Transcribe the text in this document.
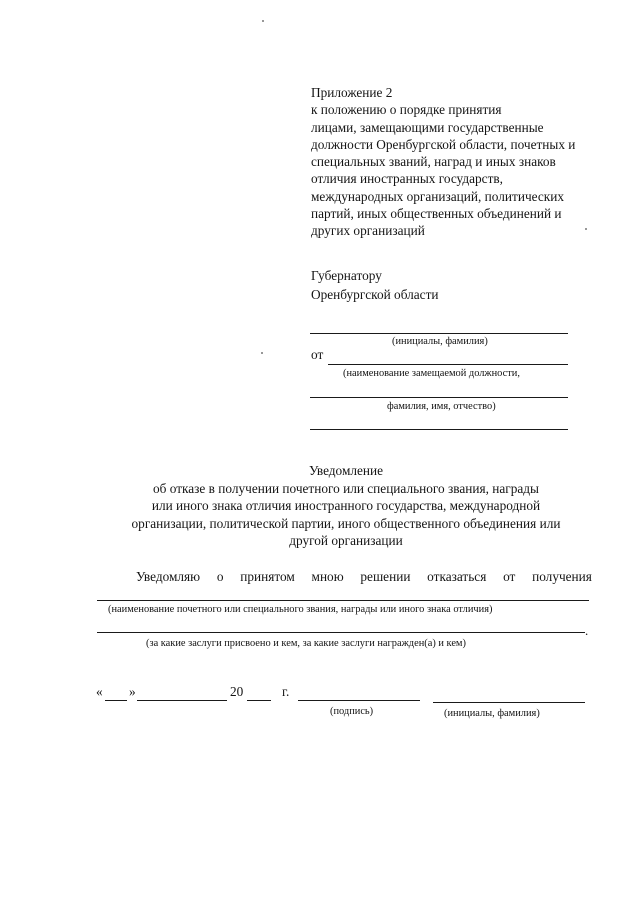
Приложение 2
к положению о порядке принятия
лицами, замещающими государственные
должности Оренбургской области, почетных и
специальных званий, наград и иных знаков
отличия иностранных государств,
международных организаций, политических
партий, иных общественных объединений и
других организаций
Губернатору
Оренбургской области
(инициалы, фамилия)
от
(наименование замещаемой должности,
фамилия, имя, отчество)
Уведомление
об отказе в получении почетного или специального звания, награды
или иного знака отличия иностранного государства, международной
организации, политической партии, иного общественного объединения или
другой организации
Уведомляю о принятом мною решении отказаться от получения
(наименование почетного или специального звания, награды или иного знака отличия)
.
(за какие заслуги присвоено и кем, за какие заслуги награжден(а) и кем)
« »	20	г.
(подпись)	(инициалы, фамилия)
